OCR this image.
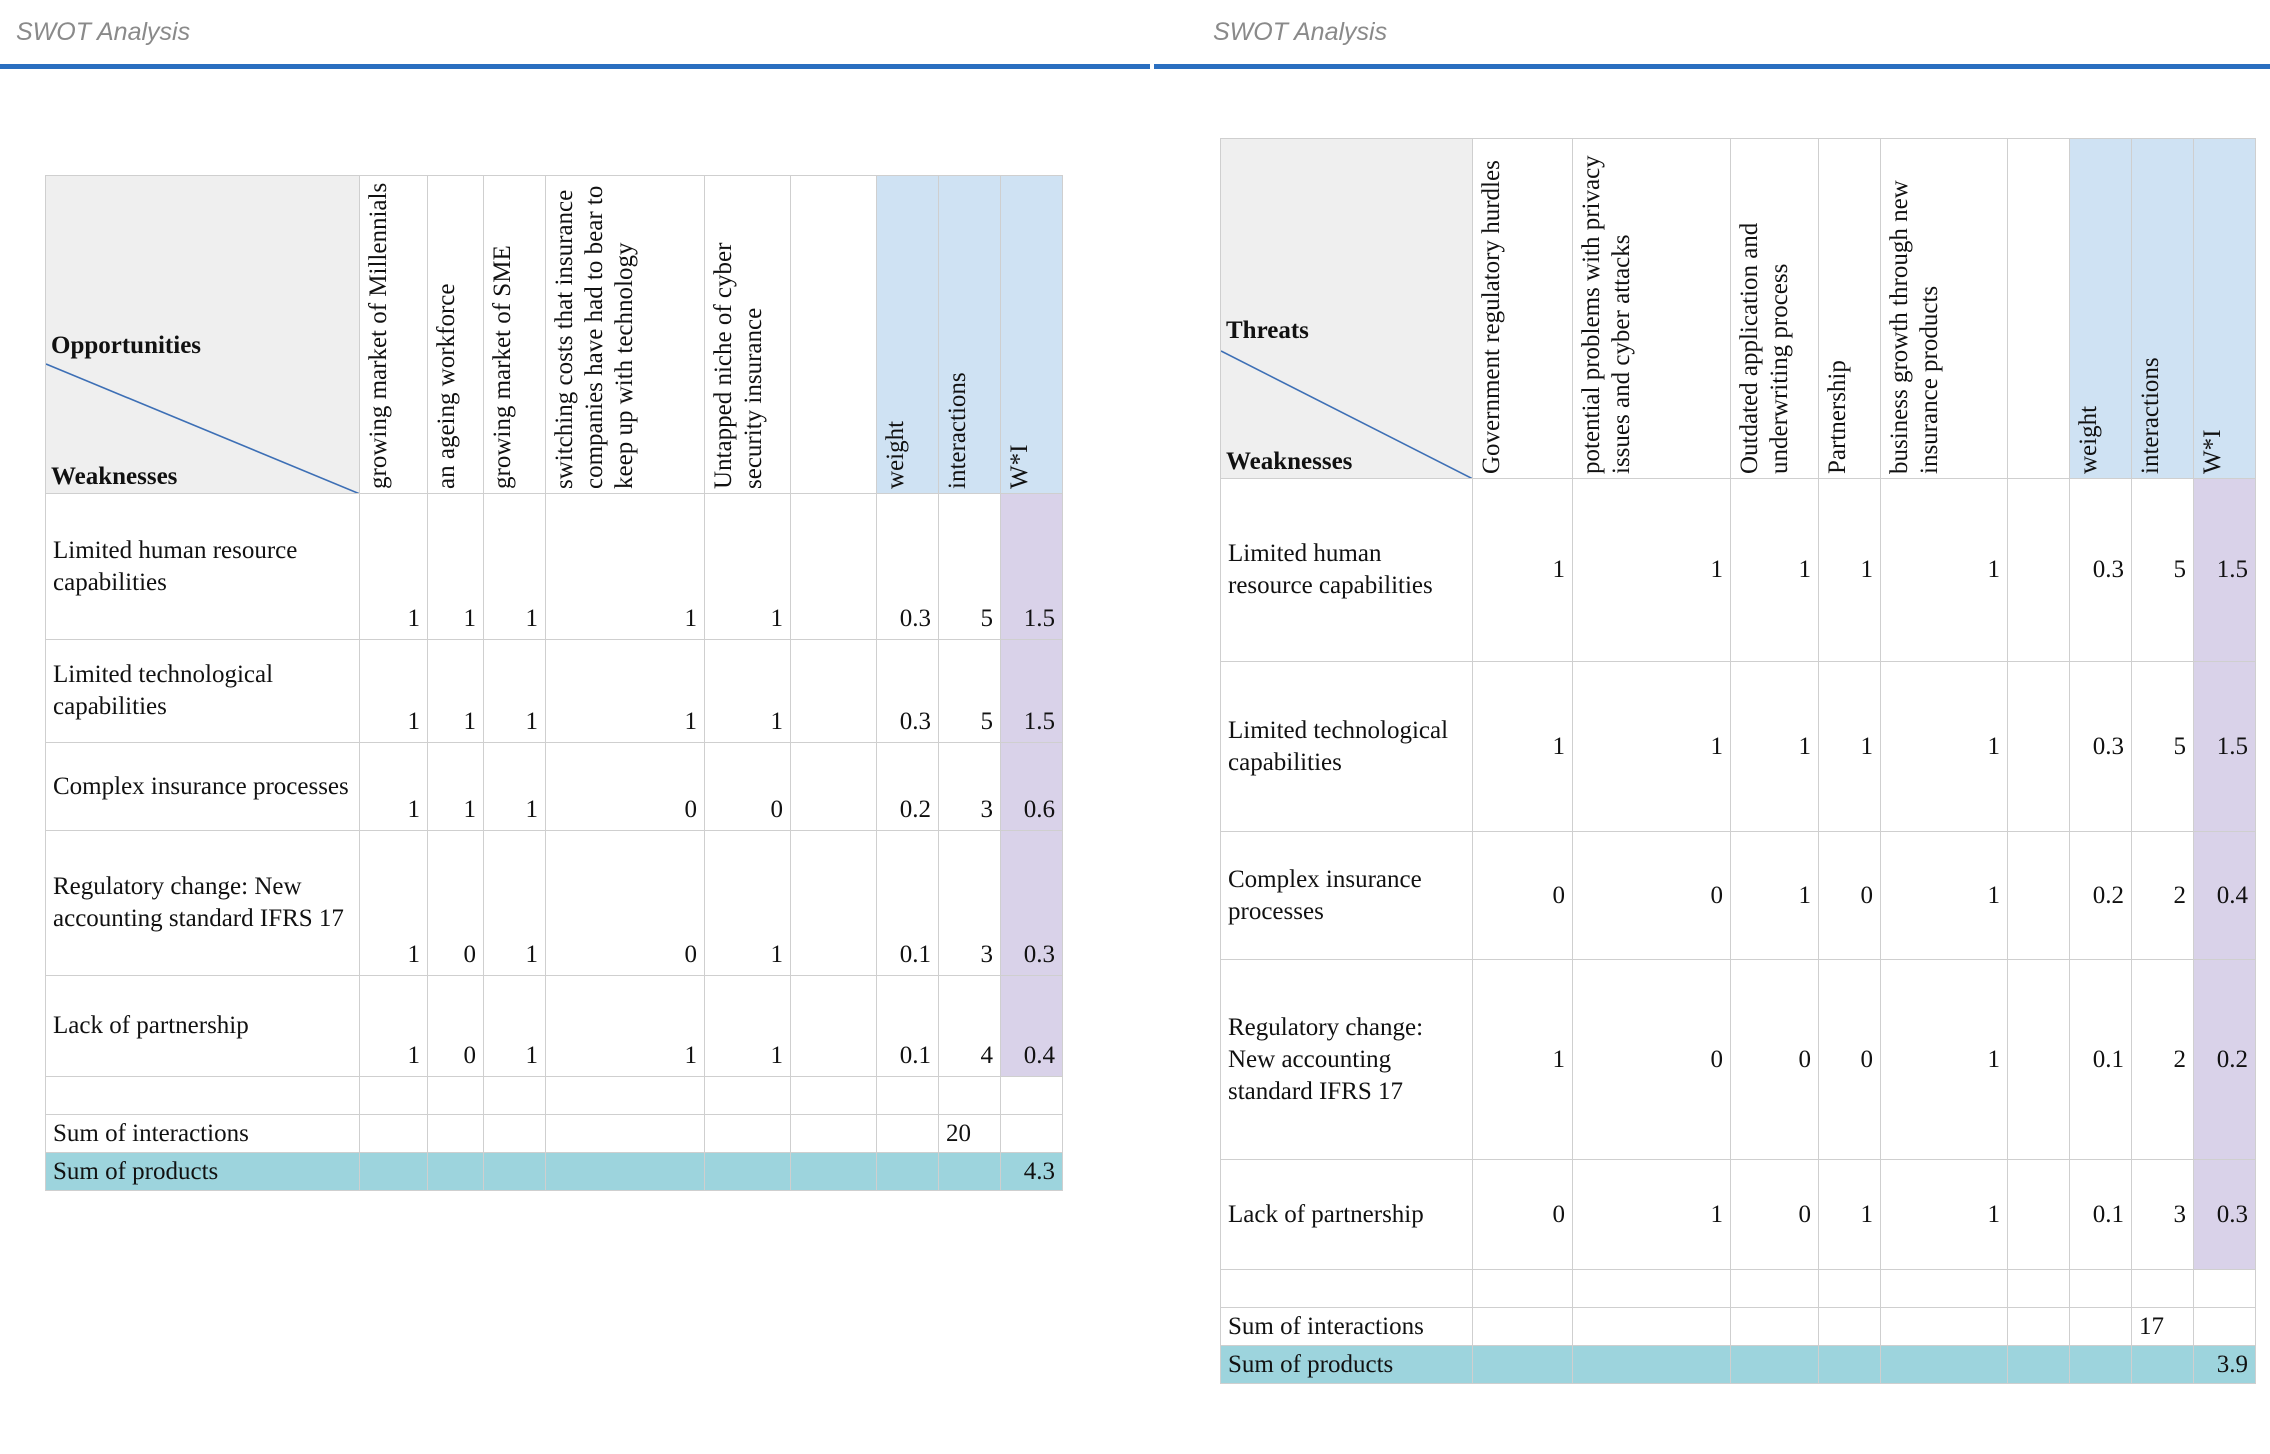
SWOT Analysis	SWOT Analysis
Opportunities
Weaknesses	growing market of Millennials	an ageing workforce	growing market of SME	switching costs that insurance companies have had to bear to keep up with technology	Untapped niche of cyber security insurance		weight	interactions	W*I

Limited human resource capabilities	1	1	1	1	1		0.3	5	1.5
Limited technological capabilities	1	1	1	1	1		0.3	5	1.5
Complex insurance processes	1	1	1	0	0		0.2	3	0.6
Regulatory change: New accounting standard IFRS 17	1	0	1	0	1		0.1	3	0.3
Lack of partnership	1	0	1	1	1		0.1	4	0.4

Sum of interactions								20	
Sum of products									4.3
Threats
Weaknesses	Government regulatory hurdles	potential problems with privacy issues and cyber attacks	Outdated application and underwriting process	Partnership	business growth through new insurance products		weight	interactions	W*I

Limited human resource capabilities	1	1	1	1	1		0.3	5	1.5
Limited technological capabilities	1	1	1	1	1		0.3	5	1.5
Complex insurance processes	0	0	1	0	1		0.2	2	0.4
Regulatory change: New accounting standard IFRS 17	1	0	0	0	1		0.1	2	0.2
Lack of partnership	0	1	0	1	1		0.1	3	0.3

Sum of interactions								17	
Sum of products									3.9
